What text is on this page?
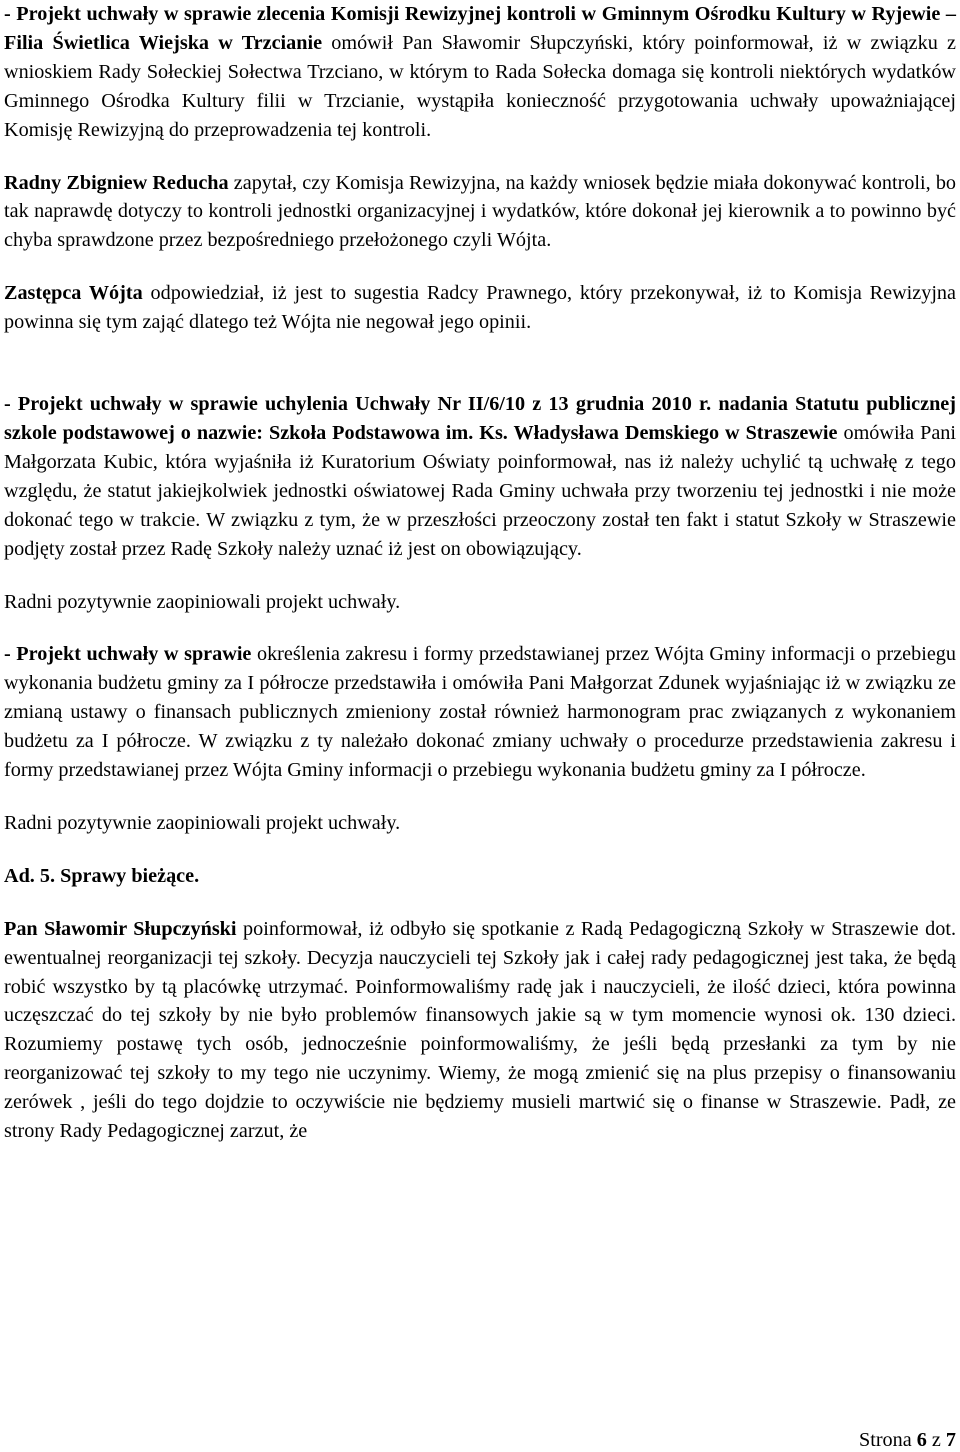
- Projekt uchwały w sprawie zlecenia Komisji Rewizyjnej kontroli w Gminnym Ośrodku Kultury w Ryjewie – Filia Świetlica Wiejska w Trzcianie omówił Pan Sławomir Słupczyński, który poinformował, iż w związku z wnioskiem Rady Sołeckiej Sołectwa Trzciano, w którym to Rada Sołecka domaga się kontroli niektórych wydatków Gminnego Ośrodka Kultury filii w Trzcianie, wystąpiła konieczność przygotowania uchwały upoważniającej Komisję Rewizyjną do przeprowadzenia tej kontroli.

Radny Zbigniew Reducha zapytał, czy Komisja Rewizyjna, na każdy wniosek będzie miała dokonywać kontroli, bo tak naprawdę dotyczy to kontroli jednostki organizacyjnej i wydatków, które dokonał jej kierownik a to powinno być chyba sprawdzone przez bezpośredniego przełożonego czyli Wójta.

Zastępca Wójta odpowiedział, iż jest to sugestia Radcy Prawnego, który przekonywał, iż to Komisja Rewizyjna powinna się tym zająć dlatego też Wójta nie negował jego opinii.

- Projekt uchwały w sprawie uchylenia Uchwały Nr II/6/10 z 13 grudnia 2010 r. nadania Statutu publicznej szkole podstawowej o nazwie: Szkoła Podstawowa im. Ks. Władysława Demskiego w Straszewie omówiła Pani Małgorzata Kubic, która wyjaśniła iż Kuratorium Oświaty poinformował, nas iż należy uchylić tą uchwałę z tego względu, że statut jakiejkolwiek jednostki oświatowej Rada Gminy uchwała przy tworzeniu tej jednostki i nie może dokonać tego w trakcie. W związku z tym, że w przeszłości przeoczony został ten fakt i statut Szkoły w Straszewie podjęty został przez Radę Szkoły należy uznać iż jest on obowiązujący.

Radni pozytywnie zaopiniowali projekt uchwały.

- Projekt uchwały w sprawie określenia zakresu i formy przedstawianej przez Wójta Gminy informacji o przebiegu wykonania budżetu gminy za I półrocze przedstawiła i omówiła Pani Małgorzat Zdunek wyjaśniając iż w związku ze zmianą ustawy o finansach publicznych zmieniony został również harmonogram prac związanych z wykonaniem budżetu za I półrocze. W związku z ty należało dokonać zmiany uchwały o procedurze przedstawienia zakresu i formy przedstawianej przez Wójta Gminy informacji o przebiegu wykonania budżetu gminy za I półrocze.

Radni pozytywnie zaopiniowali projekt uchwały.

Ad. 5. Sprawy bieżące.

Pan Sławomir Słupczyński poinformował, iż odbyło się spotkanie z Radą Pedagogiczną Szkoły w Straszewie dot. ewentualnej reorganizacji tej szkoły. Decyzja nauczycieli tej Szkoły jak i całej rady pedagogicznej jest taka, że będą robić wszystko by tą placówkę utrzymać. Poinformowaliśmy radę jak i nauczycieli, że ilość dzieci, która powinna uczęszczać do tej szkoły by nie było problemów finansowych jakie są w tym momencie wynosi ok. 130 dzieci. Rozumiemy postawę tych osób, jednocześnie poinformowaliśmy, że jeśli będą przesłanki za tym by nie reorganizować tej szkoły to my tego nie uczynimy. Wiemy, że mogą zmienić się na plus przepisy o finansowaniu zerówek , jeśli do tego dojdzie to oczywiście nie będziemy musieli martwić się o finanse w Straszewie. Padł, ze strony Rady Pedagogicznej zarzut, że

Strona 6 z 7
